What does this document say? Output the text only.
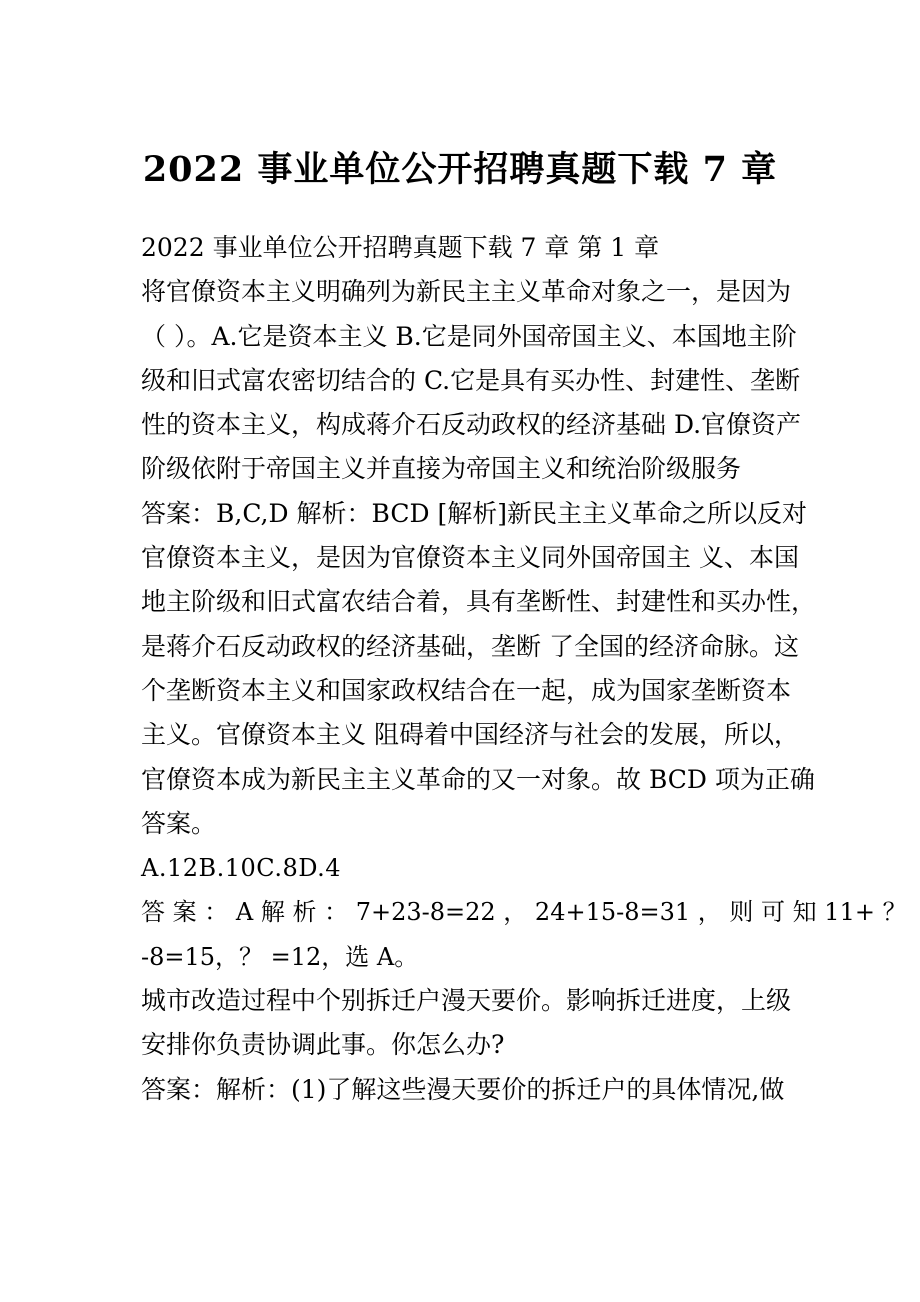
2022 事业单位公开招聘真题下载 7 章
2022 事业单位公开招聘真题下载 7 章 第 1 章
将官僚资本主义明确列为新民主主义革命对象之一，是因为
（ ）。A.它是资本主义 B.它是同外国帝国主义、本国地主阶
级和旧式富农密切结合的 C.它是具有买办性、封建性、垄断
性的资本主义，构成蒋介石反动政权的经济基础 D.官僚资产
阶级依附于帝国主义并直接为帝国主义和统治阶级服务
答案：B,C,D 解析：BCD [解析]新民主主义革命之所以反对
官僚资本主义，是因为官僚资本主义同外国帝国主 义、本国
地主阶级和旧式富农结合着，具有垄断性、封建性和买办性，
是蒋介石反动政权的经济基础，垄断 了全国的经济命脉。这
个垄断资本主义和国家政权结合在一起，成为国家垄断资本
主义。官僚资本主义 阻碍着中国经济与社会的发展，所以，
官僚资本成为新民主主义革命的又一对象。故 BCD 项为正确
答案。
A.12B.10C.8D.4
答 案 ： A 解 析 ： 7+23-8=22 ， 24+15-8=31 ， 则 可 知 11+ ？
-8=15，？ =12，选 A。
城市改造过程中个别拆迁户漫天要价。影响拆迁进度，上级
安排你负责协调此事。你怎么办?
答案：解析：(1)了解这些漫天要价的拆迁户的具体情况,做
